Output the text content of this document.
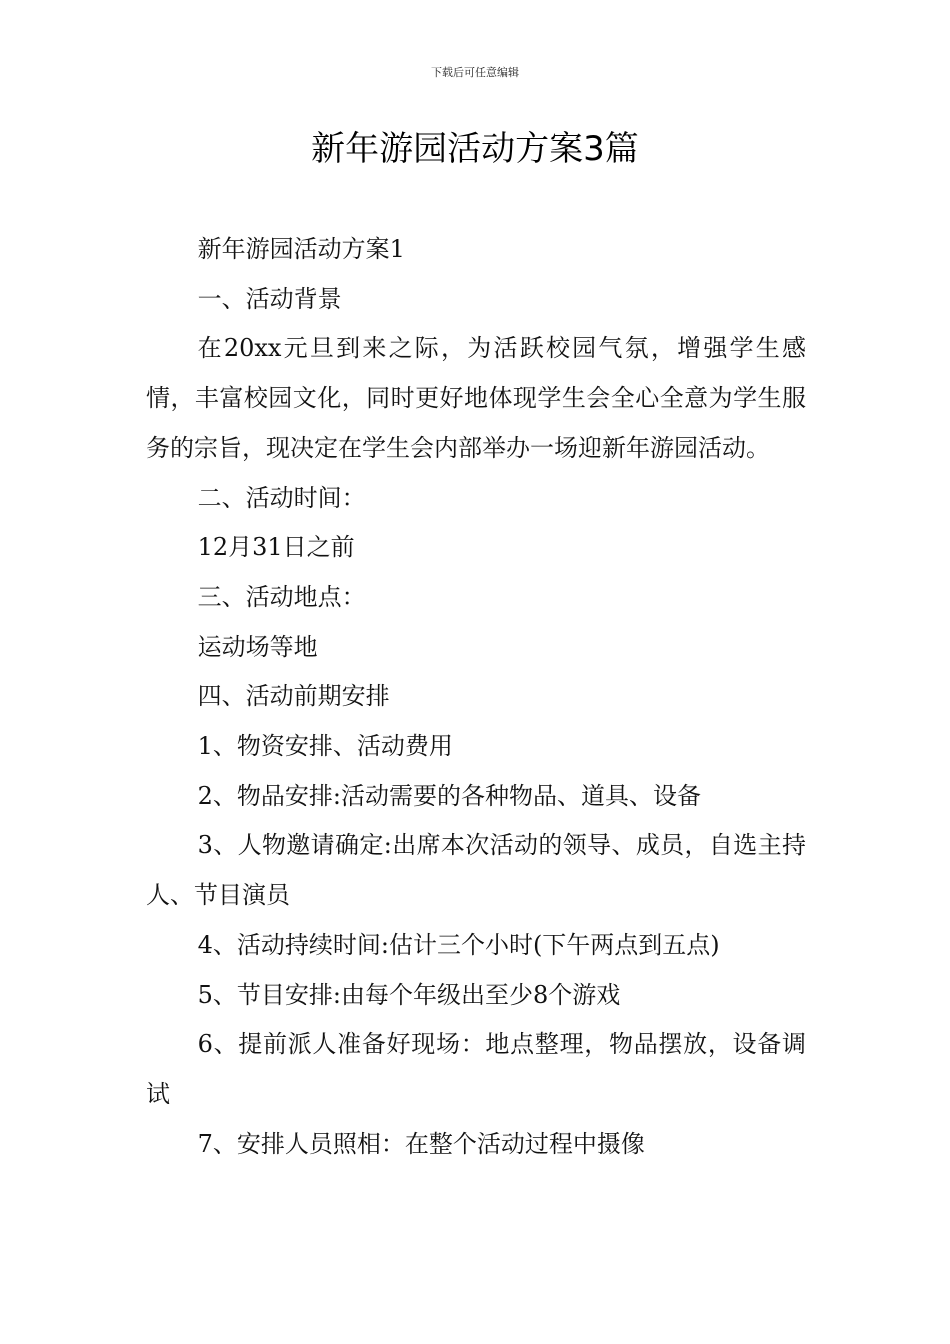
下载后可任意编辑
新年游园活动方案3篇

新年游园活动方案1

一、活动背景

在20xx元旦到来之际，为活跃校园气氛，增强学生感情，丰富校园文化，同时更好地体现学生会全心全意为学生服务的宗旨，现决定在学生会内部举办一场迎新年游园活动。

二、活动时间：

12月31日之前

三、活动地点：

运动场等地

四、活动前期安排

1、物资安排、活动费用

2、物品安排:活动需要的各种物品、道具、设备

3、人物邀请确定:出席本次活动的领导、成员，自选主持人、节目演员

4、活动持续时间:估计三个小时(下午两点到五点)

5、节目安排:由每个年级出至少8个游戏

6、提前派人准备好现场：地点整理，物品摆放，设备调试

7、安排人员照相：在整个活动过程中摄像
